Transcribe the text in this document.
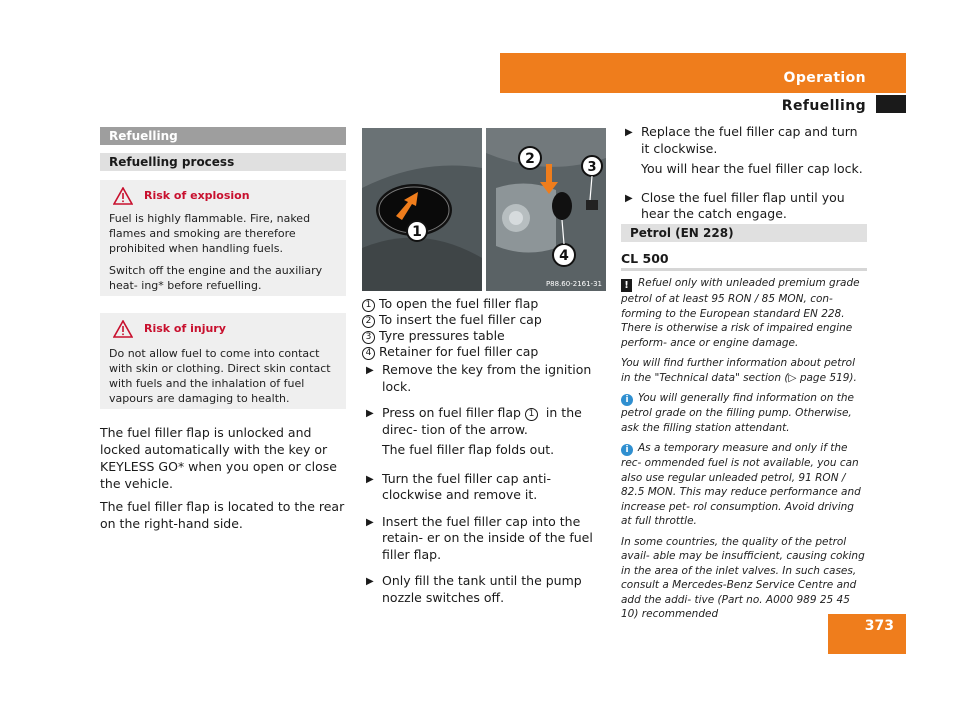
Operation
Refuelling
Refuelling
Refuelling process
Risk of explosion

Fuel is highly flammable. Fire, naked flames and smoking are therefore prohibited when handling fuels.

Switch off the engine and the auxiliary heat- ing* before refuelling.

Risk of injury

Do not allow fuel to come into contact with skin or clothing. Direct skin contact with fuels and the inhalation of fuel vapours are damaging to health.

The fuel filler flap is unlocked and locked automatically with the key or KEYLESS GO* when you open or close the vehicle.

The fuel filler flap is located to the rear on the right-hand side.

1
2
3
4
P88.60-2161-31

1 To open the fuel filler flap

2 To insert the fuel filler cap

3 Tyre pressures table

4 Retainer for fuel filler cap

▶ Remove the key from the ignition lock.

▶ Press on fuel filler flap 1 in the direc- tion of the arrow.

The fuel filler flap folds out.

▶ Turn the fuel filler cap anti-clockwise and remove it.

▶ Insert the fuel filler cap into the retain- er on the inside of the fuel filler flap.

▶ Only fill the tank until the pump nozzle switches off.

▶ Replace the fuel filler cap and turn it clockwise.

You will hear the fuel filler cap lock.

▶ Close the fuel filler flap until you hear the catch engage.

Petrol (EN 228)
CL 500

! Refuel only with unleaded premium grade petrol of at least 95 RON / 85 MON, con- forming to the European standard EN 228. There is otherwise a risk of impaired engine perform- ance or engine damage.

You will find further information about petrol in the "Technical data" section (▷ page 519).

i You will generally find information on the petrol grade on the filling pump. Otherwise, ask the filling station attendant.

i As a temporary measure and only if the rec- ommended fuel is not available, you can also use regular unleaded petrol, 91 RON / 82.5 MON. This may reduce performance and increase pet- rol consumption. Avoid driving at full throttle.

In some countries, the quality of the petrol avail- able may be insufficient, causing coking in the area of the inlet valves. In such cases, consult a Mercedes-Benz Service Centre and add the addi- tive (Part no. A000 989 25 45 10) recommended

373
